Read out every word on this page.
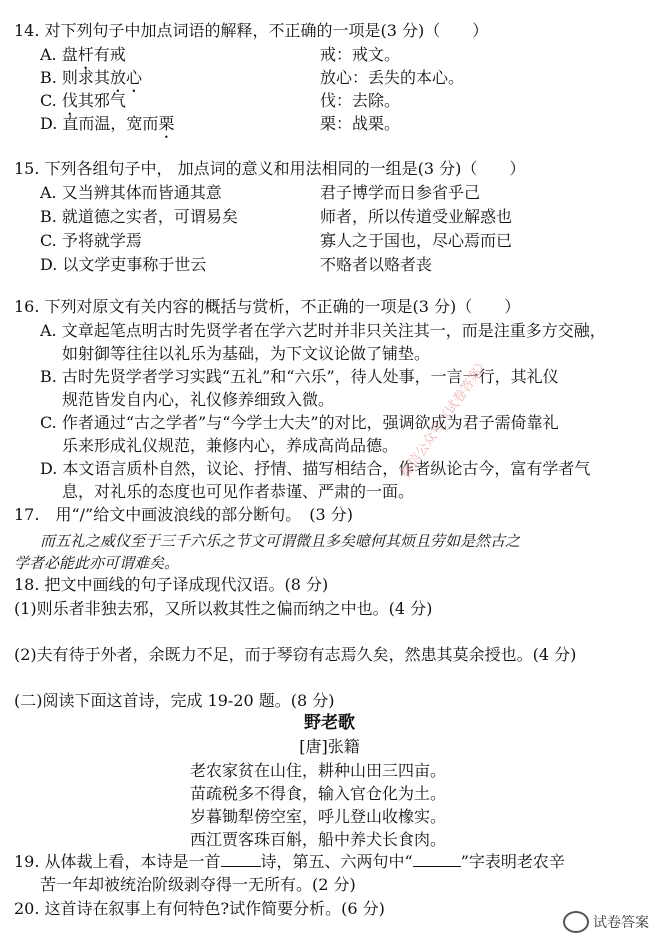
14. 对下列句子中加点词语的解释，不正确的一项是(3 分)（　　）
A. 盘杆有戒	戒：戒文。
B. 则求其放心	放心：丢失的本心。
C. 伐其邪气	伐：去除。
D. 直而温，宽而栗	栗：战栗。
15. 下列各组句子中， 加点词的意义和用法相同的一组是(3 分)（　　）
A. 又当辨其体而皆通其意	君子博学而日参省乎己
B. 就道德之实者，可谓易矣	师者，所以传道受业解惑也
C. 予将就学焉	寡人之于国也，尽心焉而已
D. 以文学吏事称于世云	不赂者以赂者丧
16. 下列对原文有关内容的概括与赏析，不正确的一项是(3 分)（　　）
A. 文章起笔点明古时先贤学者在学六艺时并非只关注其一，而是注重多方交融，
如射御等往往以礼乐为基础，为下文议论做了铺垫。
B. 古时先贤学者学习实践“五礼”和“六乐”，待人处事，一言一行，其礼仪
规范皆发自内心，礼仪修养细致入微。
C. 作者通过“古之学者”与“今学士大夫”的对比，强调欲成为君子需倚靠礼
乐来形成礼仪规范，兼修内心，养成高尚品德。
D. 本文语言质朴自然，议论、抒情、描写相结合，作者纵论古今，富有学者气
息，对礼乐的态度也可见作者恭谨、严肃的一面。
17.　用“/”给文中画波浪线的部分断句。　(3 分)
而五礼之威仪至于三千六乐之节文可谓微且多矣噫何其烦且劳如是然古之
学者必能此亦可谓难矣。
18. 把文中画线的句子译成现代汉语。(8 分)
(1)则乐者非独去邪，又所以救其性之偏而纳之中也。(4 分)
(2)夫有待于外者，余既力不足，而于琴窃有志焉久矣，然患其莫余授也。(4 分)
(二)阅读下面这首诗，完成 19-20 题。(8 分)
野老歌
[唐]张籍
老农家贫在山住，耕种山田三四亩。
苗疏税多不得食，输入官仓化为土。
岁暮锄犁傍空室，呼儿登山收橡实。
西江贾客珠百斛，船中养犬长食肉。
19. 从体裁上看，本诗是一首	诗，第五、六两句中“	”字表明老农辛
苦一年却被统治阶级剥夺得一无所有。(2 分)
20. 这首诗在叙事上有何特色?试作简要分析。(6 分)
微信公众号《试卷答案》
试卷答案
